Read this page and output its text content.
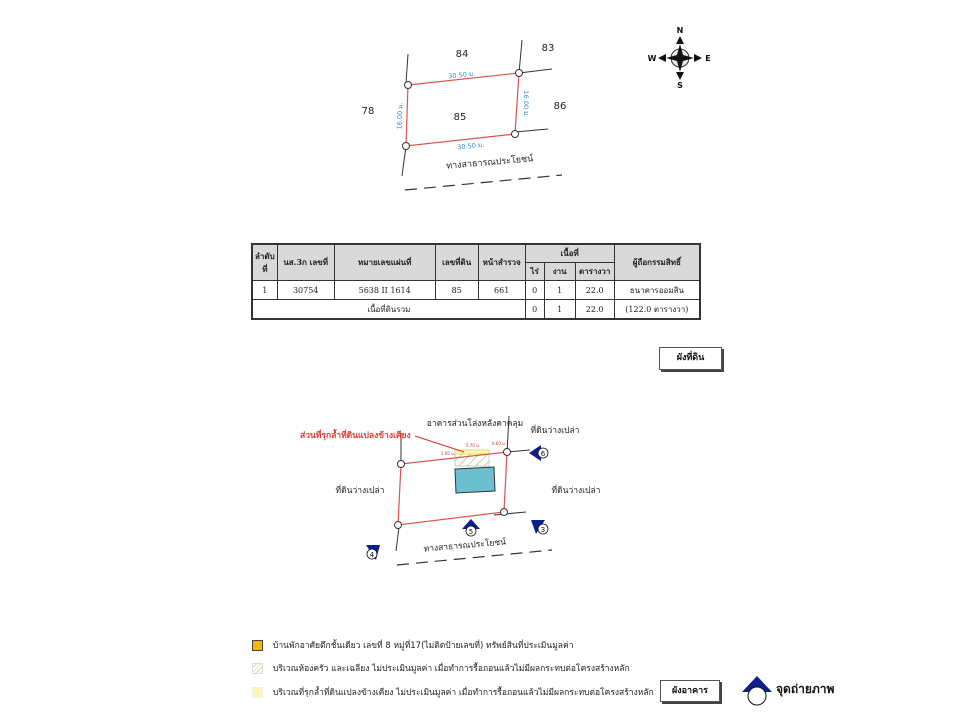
85
84
83
86
78
30.50 ม.
30.50 ม.
16.00 ม.	16.00 ม.
ทางสาธารณประโยชน์
N
S
W	E
ลำดับที่	นส.3ก เลขที่	หมายเลขแผ่นที่	เลขที่ดิน	หน้าสำรวจ	เนื้อที่			ผู้ถือกรรมสิทธิ์
					ไร่	งาน	ตารางวา	
1	30754	5638 II 1614	85	661	0	1	22.0	ธนาคารออมสิน
เนื้อที่ดินรวม					0	1	22.0	(122.0 ตารางวา)
ผังที่ดิน
1.00 ม.
5.70 ม.	0.60 ม.
ส่วนที่รุกล้ำที่ดินแปลงข้างเคียง
อาคารส่วนโล่งหลังคาคลุม
ที่ดินว่างเปล่า
ที่ดินว่างเปล่า	ที่ดินว่างเปล่า
ทางสาธารณประโยชน์
5
6
3
4
บ้านพักอาศัยตึกชั้นเดียว เลขที่ 8 หมู่ที่17(ไม่ติดป้ายเลขที่) ทรัพย์สินที่ประเมินมูลค่า
บริเวณห้องครัว และเฉลียง ไม่ประเมินมูลค่า เมื่อทำการรื้อถอนแล้วไม่มีผลกระทบต่อโครงสร้างหลัก
บริเวณที่รุกล้ำที่ดินแปลงข้างเคียง ไม่ประเมินมูลค่า เมื่อทำการรื้อถอนแล้วไม่มีผลกระทบต่อโครงสร้างหลัก	ผังอาคาร	จุดถ่ายภาพ
